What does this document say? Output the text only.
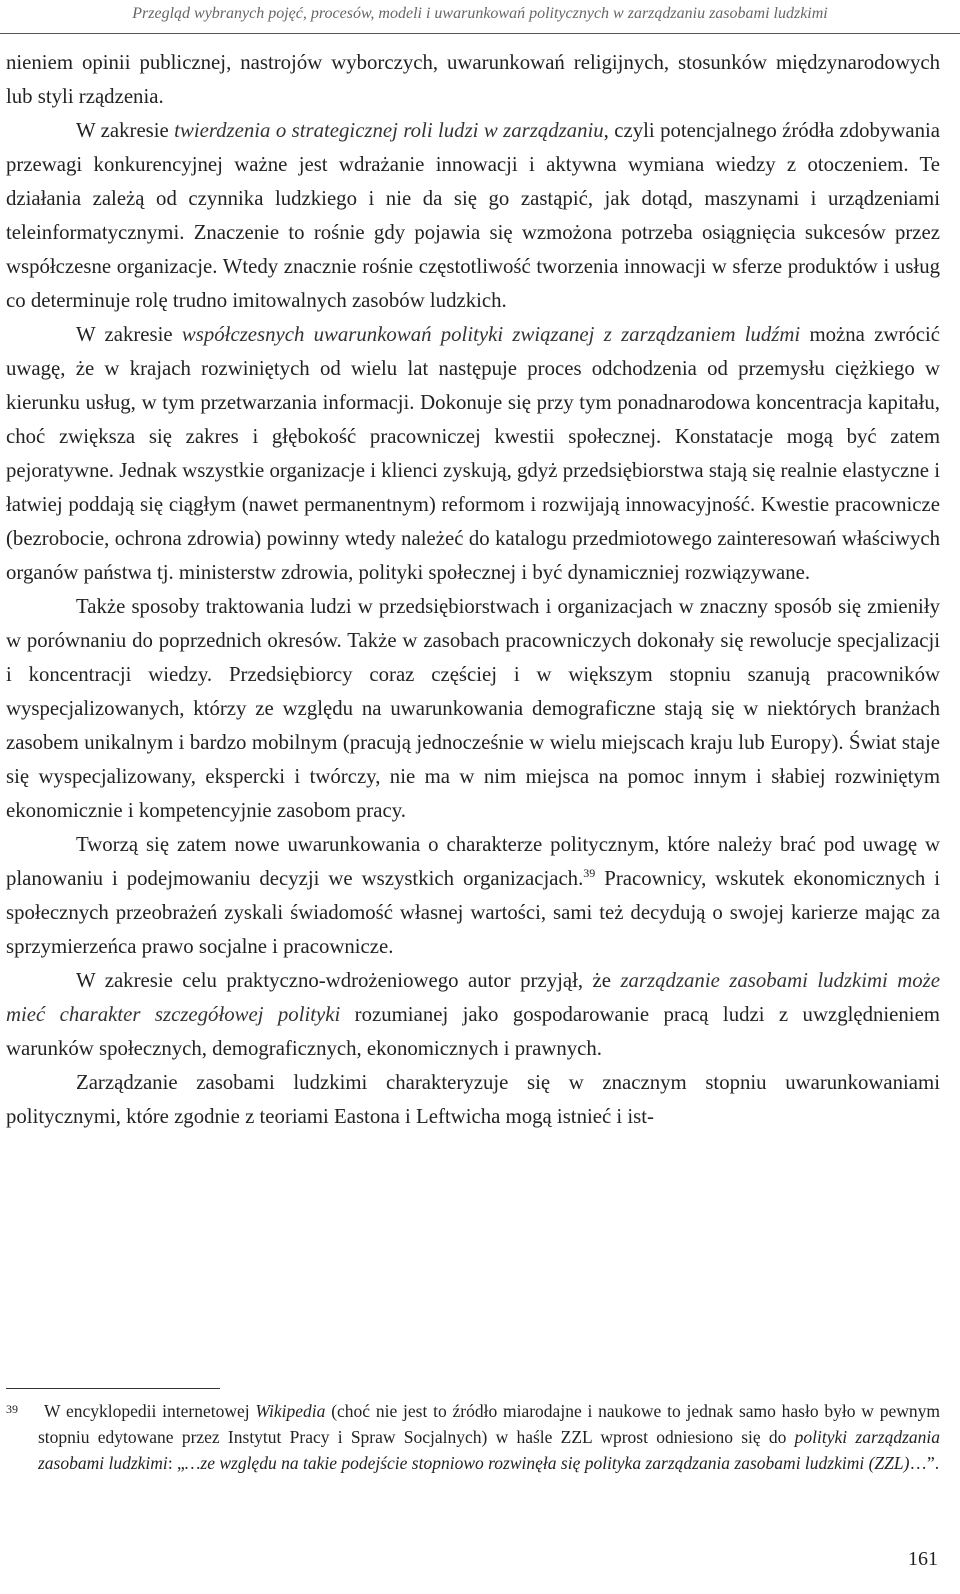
Przegląd wybranych pojęć, procesów, modeli i uwarunkowań politycznych w zarządzaniu zasobami ludzkimi

nieniem opinii publicznej, nastrojów wyborczych, uwarunkowań religijnych, stosunków międzynarodowych lub styli rządzenia.

W zakresie twierdzenia o strategicznej roli ludzi w zarządzaniu, czyli potencjalnego źródła zdobywania przewagi konkurencyjnej ważne jest wdrażanie innowacji i aktywna wymiana wiedzy z otoczeniem. Te działania zależą od czynnika ludzkiego i nie da się go zastąpić, jak dotąd, maszynami i urządzeniami teleinformatycznymi. Znaczenie to rośnie gdy pojawia się wzmożona potrzeba osiągnięcia sukcesów przez współczesne organizacje. Wtedy znacznie rośnie częstotliwość tworzenia innowacji w sferze produktów i usług co determinuje rolę trudno imitowalnych zasobów ludzkich.

W zakresie współczesnych uwarunkowań polityki związanej z zarządzaniem ludźmi można zwrócić uwagę, że w krajach rozwiniętych od wielu lat następuje proces odchodzenia od przemysłu ciężkiego w kierunku usług, w tym przetwarzania informacji. Dokonuje się przy tym ponadnarodowa koncentracja kapitału, choć zwiększa się zakres i głębokość pracowniczej kwestii społecznej. Konstatacje mogą być zatem pejoratywne. Jednak wszystkie organizacje i klienci zyskują, gdyż przedsiębiorstwa stają się realnie elastyczne i łatwiej poddają się ciągłym (nawet permanentnym) reformom i rozwijają innowacyjność. Kwestie pracownicze (bezrobocie, ochrona zdrowia) powinny wtedy należeć do katalogu przedmiotowego zainteresowań właściwych organów państwa tj. ministerstw zdrowia, polityki społecznej i być dynamiczniej rozwiązywane.

Także sposoby traktowania ludzi w przedsiębiorstwach i organizacjach w znaczny sposób się zmieniły w porównaniu do poprzednich okresów. Także w zasobach pracowniczych dokonały się rewolucje specjalizacji i koncentracji wiedzy. Przedsiębiorcy coraz częściej i w większym stopniu szanują pracowników wyspecjalizowanych, którzy ze względu na uwarunkowania demograficzne stają się w niektórych branżach zasobem unikalnym i bardzo mobilnym (pracują jednocześnie w wielu miejscach kraju lub Europy). Świat staje się wyspecjalizowany, ekspercki i twórczy, nie ma w nim miejsca na pomoc innym i słabiej rozwiniętym ekonomicznie i kompetencyjnie zasobom pracy.

Tworzą się zatem nowe uwarunkowania o charakterze politycznym, które należy brać pod uwagę w planowaniu i podejmowaniu decyzji we wszystkich organizacjach.$^{39}$ Pracownicy, wskutek ekonomicznych i społecznych przeobrażeń zyskali świadomość własnej wartości, sami też decydują o swojej karierze mając za sprzymierzeńca prawo socjalne i pracownicze.

W zakresie celu praktyczno-wdrożeniowego autor przyjął, że zarządzanie zasobami ludzkimi może mieć charakter szczegółowej polityki rozumianej jako gospodarowanie pracą ludzi z uwzględnieniem warunków społecznych, demograficznych, ekonomicznych i prawnych.

Zarządzanie zasobami ludzkimi charakteryzuje się w znacznym stopniu uwarunkowaniami politycznymi, które zgodnie z teoriami Eastona i Leftwicha mogą istnieć i ist-

39	W encyklopedii internetowej Wikipedia (choć nie jest to źródło miarodajne i naukowe to jednak samo hasło było w pewnym stopniu edytowane przez Instytut Pracy i Spraw Socjalnych) w haśle ZZL wprost odniesiono się do polityki zarządzania zasobami ludzkimi: „…ze względu na takie podejście stopniowo rozwinęła się polityka zarządzania zasobami ludzkimi (ZZL)…”.
161
